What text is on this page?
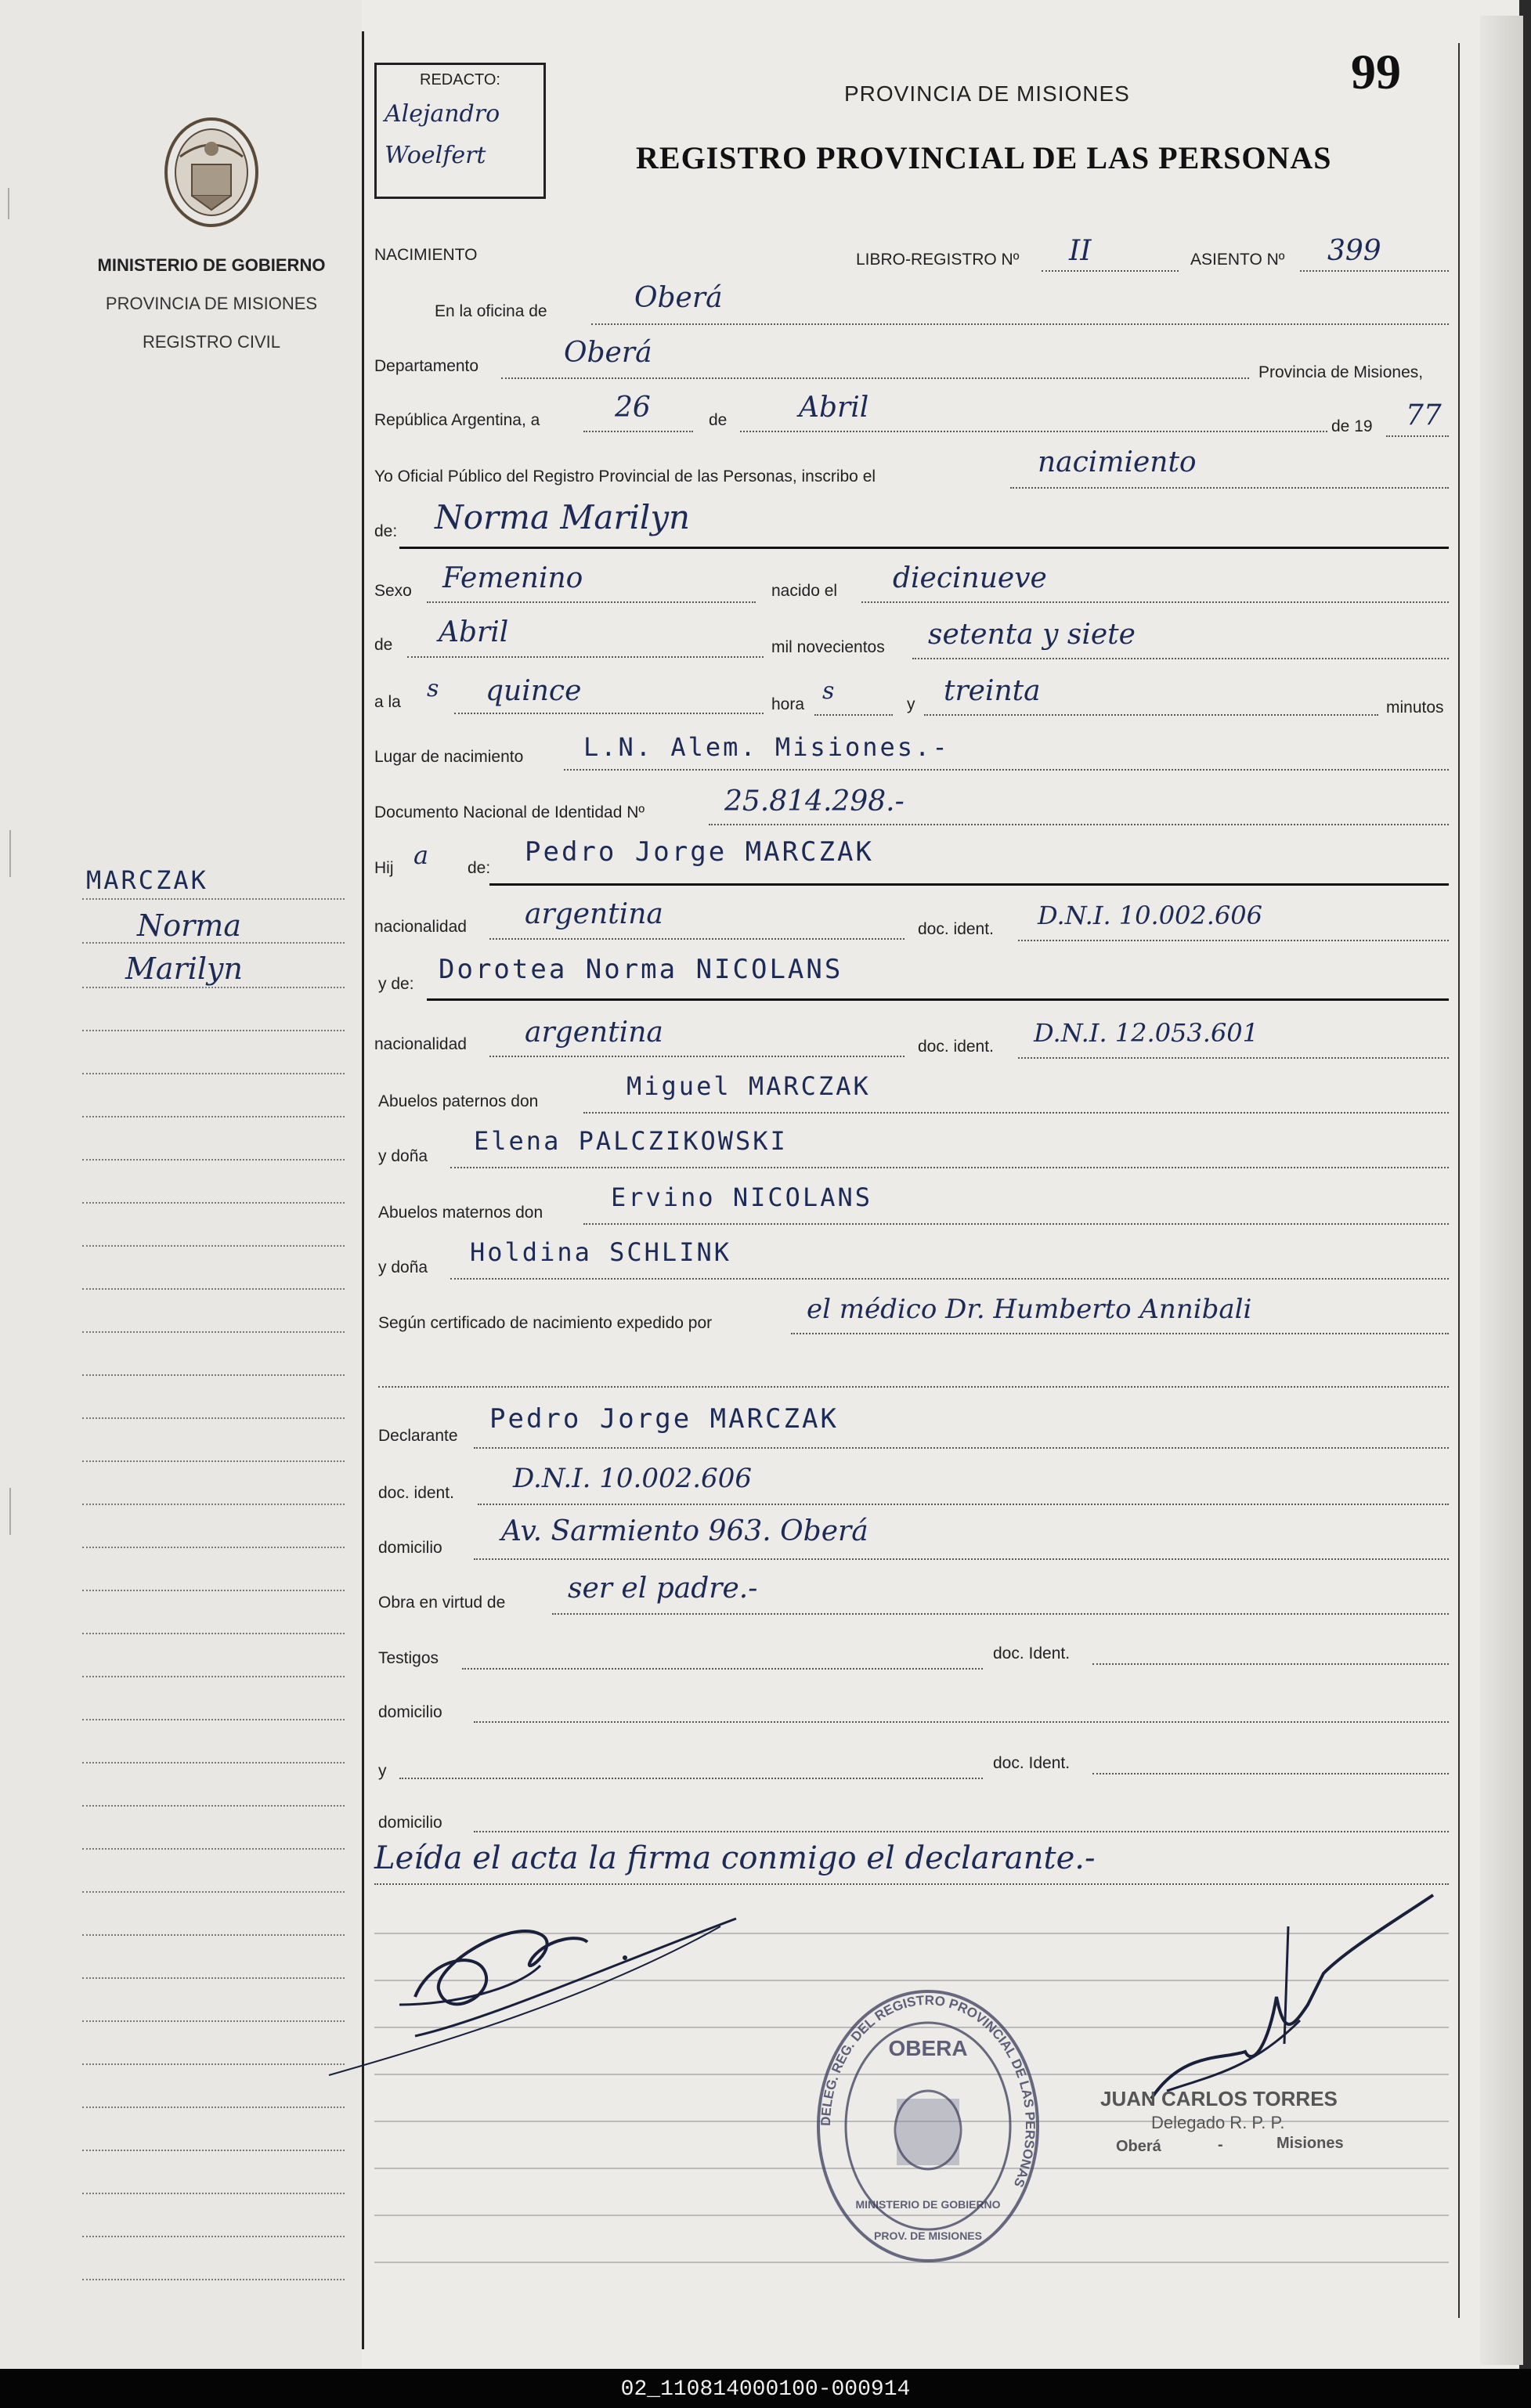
MINISTERIO DE GOBIERNO
PROVINCIA DE MISIONES
REGISTRO CIVIL
MARCZAK
Norma
Marilyn
REDACTO:
Alejandro
Woelfert
PROVINCIA DE MISIONES
REGISTRO PROVINCIAL DE LAS PERSONAS
99
NACIMIENTO	LIBRO-REGISTRO Nº II	ASIENTO Nº 399
En la oficina de	Oberá
Departamento	Oberá
Provincia de Misiones,
República Argentina, a	26	de	Abril
de 19 77
Yo Oficial Público del Registro Provincial de las Personas, inscribo el	nacimiento
de: Norma Marilyn
Sexo Femenino	nacido el diecinueve
de Abril	mil novecientos setenta y siete
a la s quince	hora s	y treinta
minutos
Lugar de nacimiento L.N. Alem. Misiones.-
Documento Nacional de Identidad Nº	25.814.298.-
Hij a de:
Pedro Jorge MARCZAK
nacionalidad argentina	doc. ident. D.N.I. 10.002.606
y de: Dorotea Norma NICOLANS
nacionalidad argentina	doc. ident. D.N.I. 12.053.601
Abuelos paternos don
Miguel MARCZAK
y doña
Elena PALCZIKOWSKI
Abuelos maternos don
Ervino NICOLANS
y doña
Holdina SCHLINK
Según certificado de nacimiento expedido por	el médico Dr. Humberto Annibali
Declarante
Pedro Jorge MARCZAK
doc. ident. D.N.I. 10.002.606
domicilio
Av. Sarmiento 963. Oberá
Obra en virtud de ser el padre.-
Testigos	doc. Ident.
domicilio
y	doc. Ident.
domicilio
Leída el acta la firma conmigo el declarante.-
DELEG. REG. DEL REGISTRO PROVINCIAL DE LAS PERSONAS
OBERA
MINISTERIO DE GOBIERNO
PROV. DE MISIONES
JUAN CARLOS TORRES
Delegado R. P. P.
Oberá	-	Misiones
02_110814000100-000914
